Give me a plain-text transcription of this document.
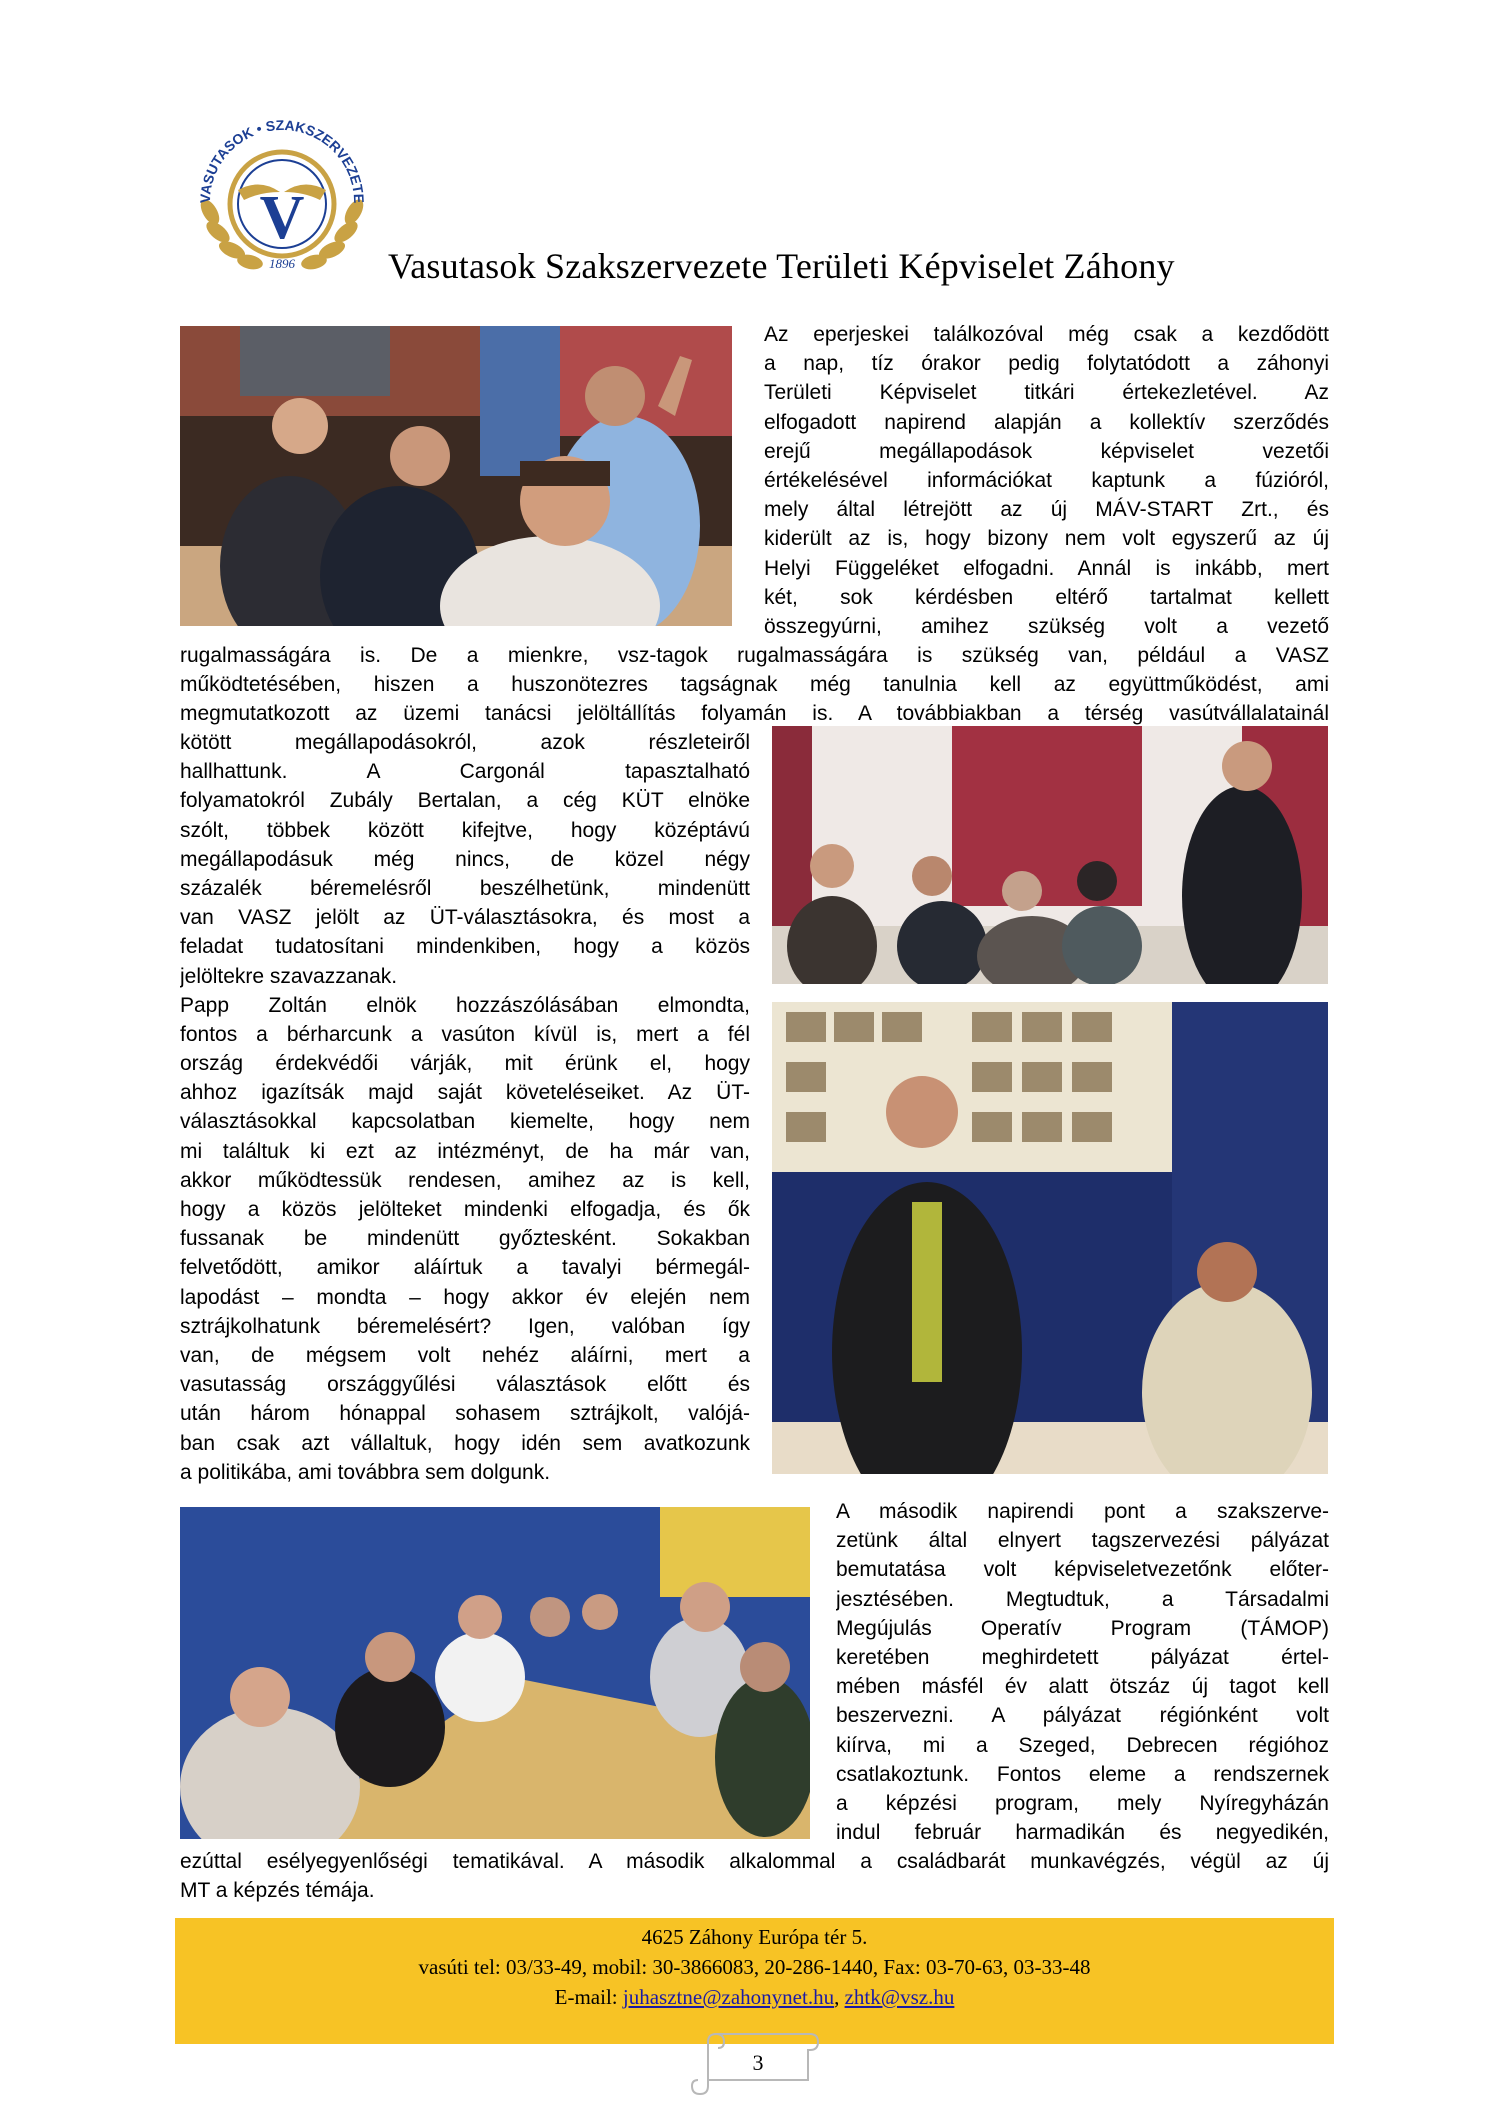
V
1896
VASUTASOK • SZAKSZERVEZETE
Vasutasok Szakszervezete Területi Képviselet Záhony
Az eperjeskei találkozóval még csak a kezdődött
a nap, tíz órakor pedig folytatódott a záhonyi
Területi Képviselet titkári értekezletével. Az
elfogadott napirend alapján a kollektív szerződés
erejű megállapodások képviselet vezetői
értékelésével információkat kaptunk a fúzióról,
mely által létrejött az új MÁV-START Zrt., és
kiderült az is, hogy bizony nem volt egyszerű az új
Helyi Függeléket elfogadni. Annál is inkább, mert
két, sok kérdésben eltérő tartalmat kellett
összegyúrni, amihez szükség volt a vezető
rugalmasságára is. De a mienkre, vsz-tagok rugalmasságára is szükség van, például a VASZ
működtetésében, hiszen a huszonötezres tagságnak még tanulnia kell az együttműködést, ami
megmutatkozott az üzemi tanácsi jelöltállítás folyamán is. A továbbiakban a térség vasútvállalatainál
kötött megállapodásokról, azok részleteiről
hallhattunk. A Cargonál tapasztalható
folyamatokról Zubály Bertalan, a cég KÜT elnöke
szólt, többek között kifejtve, hogy középtávú
megállapodásuk még nincs, de közel négy
százalék béremelésről beszélhetünk, mindenütt
van VASZ jelölt az ÜT-választásokra, és most a
feladat tudatosítani mindenkiben, hogy a közös
jelöltekre szavazzanak.
Papp Zoltán elnök hozzászólásában elmondta,
fontos a bérharcunk a vasúton kívül is, mert a fél
ország érdekvédői várják, mit érünk el, hogy
ahhoz igazítsák majd saját követeléseiket. Az ÜT-
választásokkal kapcsolatban kiemelte, hogy nem
mi találtuk ki ezt az intézményt, de ha már van,
akkor működtessük rendesen, amihez az is kell,
hogy a közös jelölteket mindenki elfogadja, és ők
fussanak be mindenütt győztesként. Sokakban
felvetődött, amikor aláírtuk a tavalyi bérmegál-
lapodást – mondta – hogy akkor év elején nem
sztrájkolhatunk béremelésért? Igen, valóban így
van, de mégsem volt nehéz aláírni, mert a
vasutasság országgyűlési választások előtt és
után három hónappal sohasem sztrájkolt, valójá-
ban csak azt vállaltuk, hogy idén sem avatkozunk
a politikába, ami továbbra sem dolgunk.
A második napirendi pont a szakszerve-
zetünk által elnyert tagszervezési pályázat
bemutatása volt képviseletvezetőnk előter-
jesztésében. Megtudtuk, a Társadalmi
Megújulás Operatív Program (TÁMOP)
keretében meghirdetett pályázat értel-
mében másfél év alatt ötszáz új tagot kell
beszervezni. A pályázat régiónként volt
kiírva, mi a Szeged, Debrecen régióhoz
csatlakoztunk. Fontos eleme a rendszernek
a képzési program, mely Nyíregyházán
indul február harmadikán és negyedikén,
ezúttal esélyegyenlőségi tematikával. A második alkalommal a családbarát munkavégzés, végül az új
MT a képzés témája.
4625 Záhony Európa tér 5.
vasúti tel: 03/33-49, mobil: 30-3866083, 20-286-1440, Fax: 03-70-63, 03-33-48
E-mail: juhasztne@zahonynet.hu, zhtk@vsz.hu
3
